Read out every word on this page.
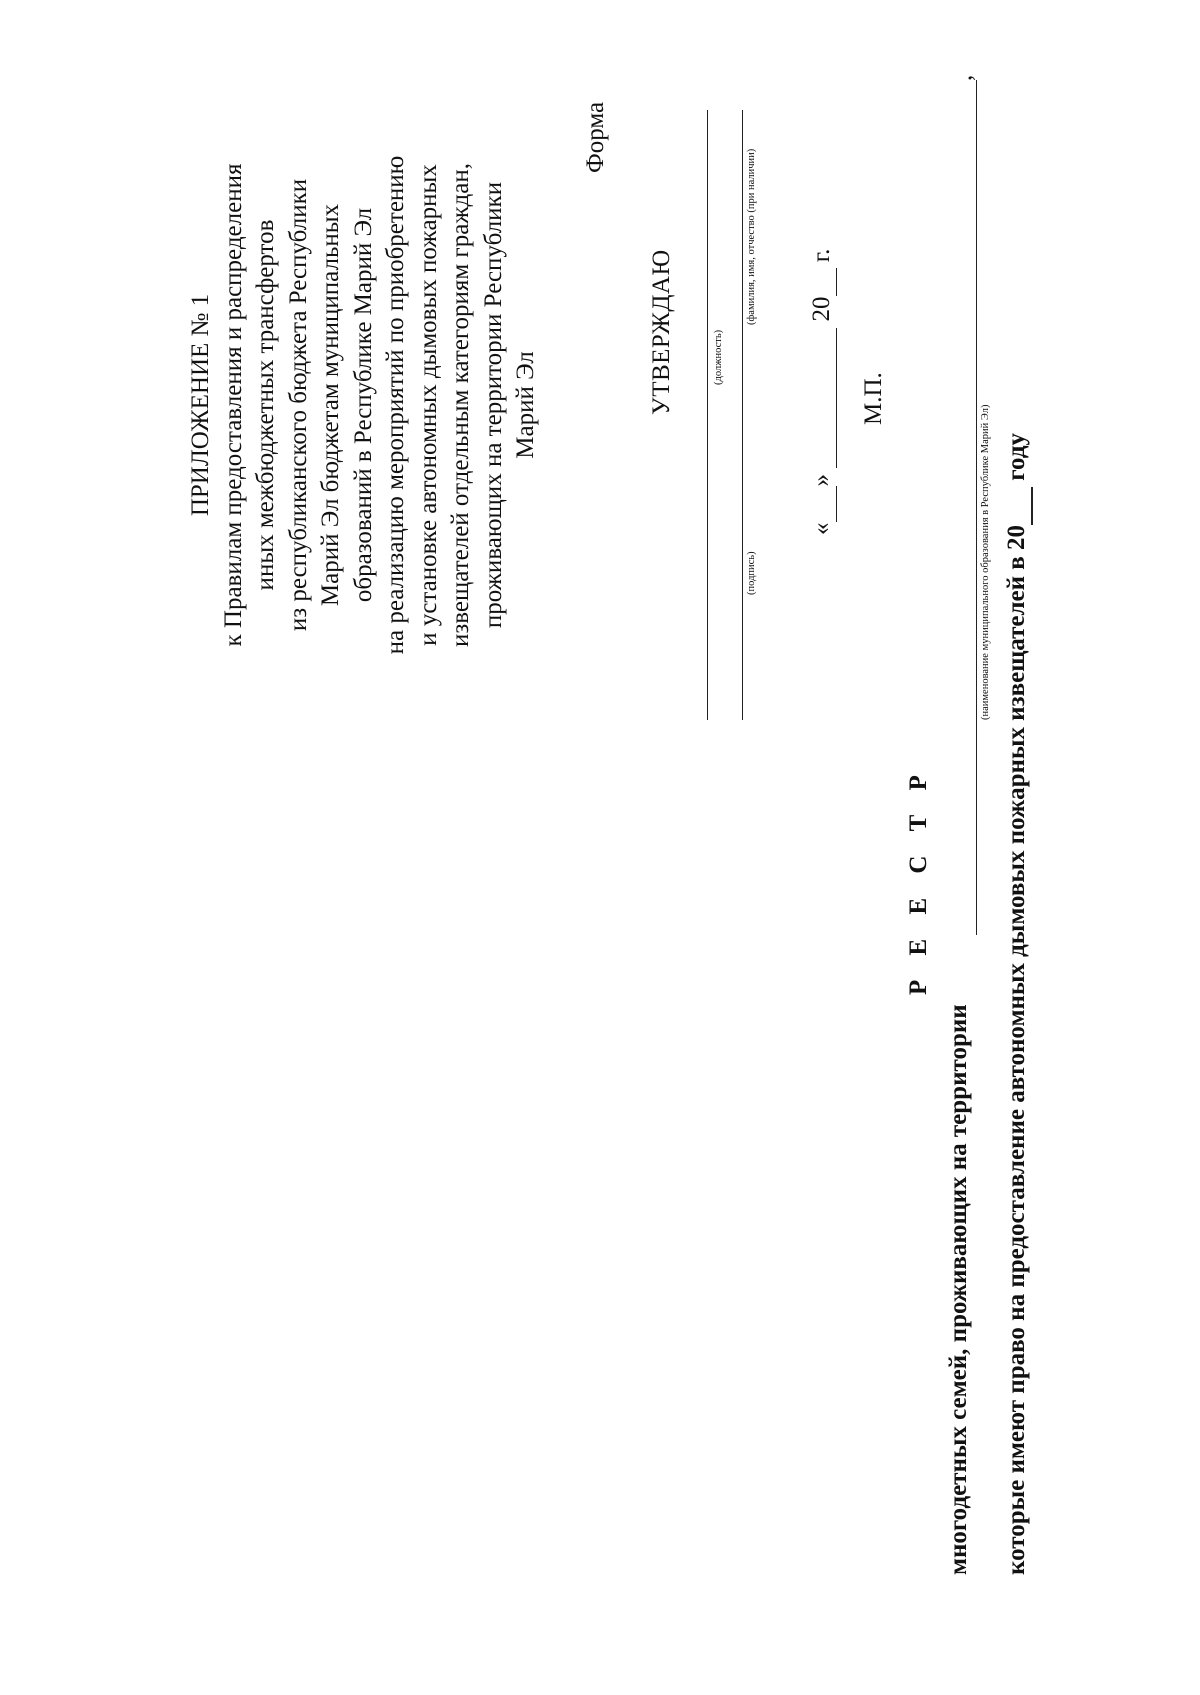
ПРИЛОЖЕНИЕ № 1 к Правилам предоставления и распределения иных межбюджетных трансфертов из республиканского бюджета Республики Марий Эл бюджетам муниципальных образований в Республике Марий Эл на реализацию мероприятий по приобретению и установке автономных дымовых пожарных извещателей отдельным категориям граждан, проживающих на территории Республики Марий Эл
Форма
УТВЕРЖДАЮ	(должность)
(подпись)
(фамилия, имя, отчество (при наличии)
« »   20  г.
М.П.
Р Е Е С Т Р
многодетных семей, проживающих на территории
,
(наименование муниципального образования в Республике Марий Эл) которые имеют право на предоставление автономных дымовых пожарных извещателей в 20  году
